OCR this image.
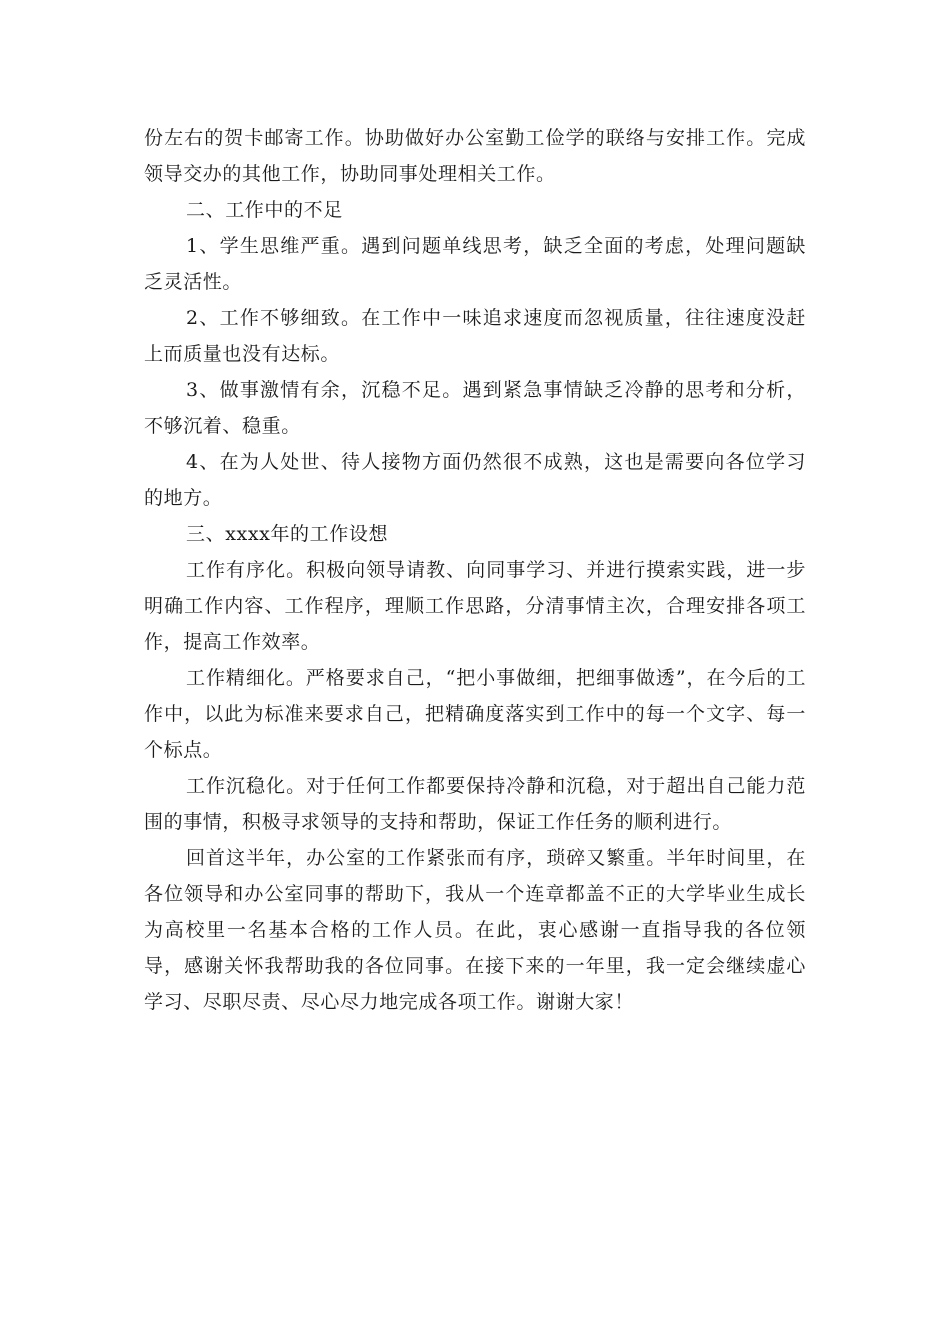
份左右的贺卡邮寄工作。协助做好办公室勤工俭学的联络与安排工作。完成领导交办的其他工作，协助同事处理相关工作。

二、工作中的不足

1、学生思维严重。遇到问题单线思考，缺乏全面的考虑，处理问题缺乏灵活性。

2、工作不够细致。在工作中一味追求速度而忽视质量，往往速度没赶上而质量也没有达标。

3、做事激情有余，沉稳不足。遇到紧急事情缺乏冷静的思考和分析，不够沉着、稳重。

4、在为人处世、待人接物方面仍然很不成熟，这也是需要向各位学习的地方。

三、xxxx年的工作设想

工作有序化。积极向领导请教、向同事学习、并进行摸索实践，进一步明确工作内容、工作程序，理顺工作思路，分清事情主次，合理安排各项工作，提高工作效率。

工作精细化。严格要求自己，“把小事做细，把细事做透”，在今后的工作中，以此为标准来要求自己，把精确度落实到工作中的每一个文字、每一个标点。

工作沉稳化。对于任何工作都要保持冷静和沉稳，对于超出自己能力范围的事情，积极寻求领导的支持和帮助，保证工作任务的顺利进行。

回首这半年，办公室的工作紧张而有序，琐碎又繁重。半年时间里，在各位领导和办公室同事的帮助下，我从一个连章都盖不正的大学毕业生成长为高校里一名基本合格的工作人员。在此，衷心感谢一直指导我的各位领导，感谢关怀我帮助我的各位同事。在接下来的一年里，我一定会继续虚心学习、尽职尽责、尽心尽力地完成各项工作。谢谢大家！
